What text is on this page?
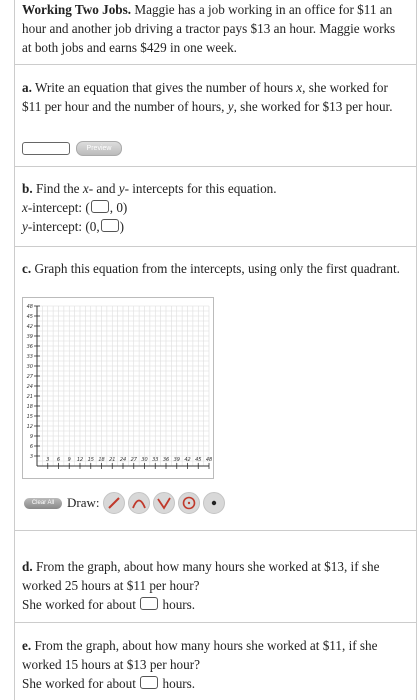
Working Two Jobs. Maggie has a job working in an office for $11 an hour and another job driving a tractor pays $13 an hour. Maggie works at both jobs and earns $429 in one week.
a. Write an equation that gives the number of hours x, she worked for $11 per hour and the number of hours, y, she worked for $13 per hour.
Preview
b. Find the x- and y- intercepts for this equation.
x-intercept: ( , 0)
y-intercept: (0, )
c. Graph this equation from the intercepts, using only the first quadrant.
3 6 9 12 15 18 21 24 27 30 33 36 39 42 45 48
3
6
9
12
15
18
21
24
27
30
33
36
39
42
45
48
Clear All Draw:
d. From the graph, about how many hours she worked at $13, if she worked 25 hours at $11 per hour?
She worked for about hours.
e. From the graph, about how many hours she worked at $11, if she worked 15 hours at $13 per hour?
She worked for about hours.
